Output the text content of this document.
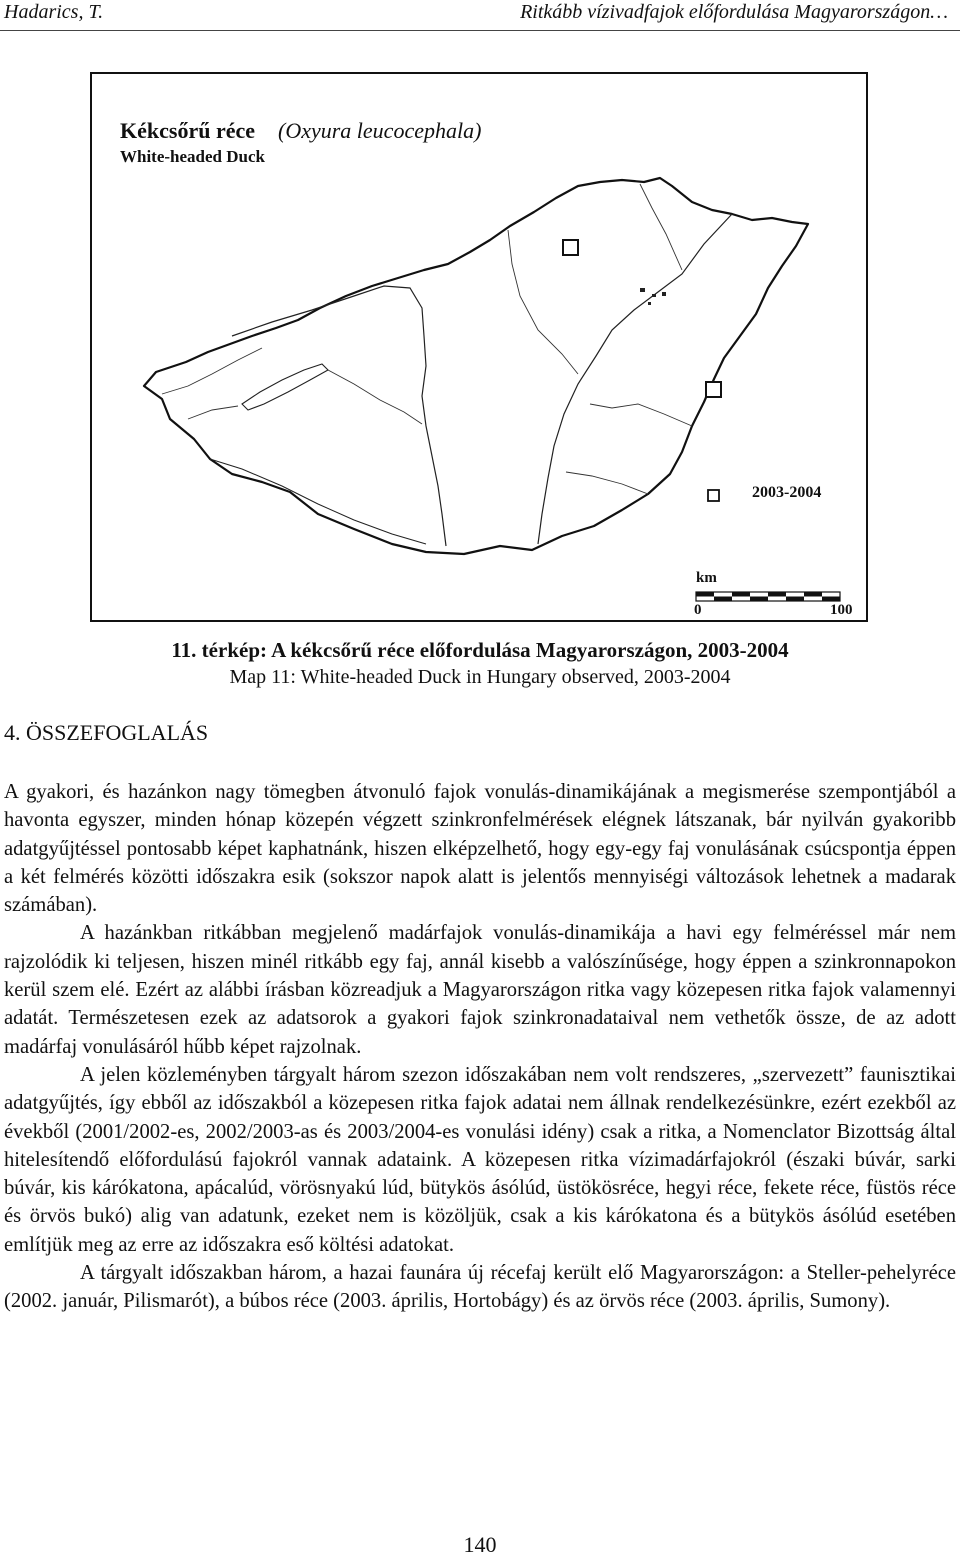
Hadarics, T.	Ritkább vízivadfajok előfordulása Magyarországon…
Kékcsőrű réce (Oxyura leucocephala)
White-headed Duck
2003-2004
km
0	100
11. térkép: A kékcsőrű réce előfordulása Magyarországon, 2003-2004
Map 11: White-headed Duck in Hungary observed, 2003-2004
4. ÖSSZEFOGLALÁS

A gyakori, és hazánkon nagy tömegben átvonuló fajok vonulás-dinamikájának a megismerése szempontjából a havonta egyszer, minden hónap közepén végzett szinkronfelmérések elégnek látszanak, bár nyilván gyakoribb adatgyűjtéssel pontosabb képet kaphatnánk, hiszen elképzelhető, hogy egy-egy faj vonulásának csúcspontja éppen a két felmérés közötti időszakra esik (sokszor napok alatt is jelentős mennyiségi változások lehetnek a madarak számában).

A hazánkban ritkábban megjelenő madárfajok vonulás-dinamikája a havi egy felméréssel már nem rajzolódik ki teljesen, hiszen minél ritkább egy faj, annál kisebb a valószínűsége, hogy éppen a szinkronnapokon kerül szem elé. Ezért az alábbi írásban közreadjuk a Magyarországon ritka vagy közepesen ritka fajok valamennyi adatát. Természetesen ezek az adatsorok a gyakori fajok szinkronadataival nem vethetők össze, de az adott madárfaj vonulásáról hűbb képet rajzolnak.

A jelen közleményben tárgyalt három szezon időszakában nem volt rendszeres, „szervezett” faunisztikai adatgyűjtés, így ebből az időszakból a közepesen ritka fajok adatai nem állnak rendelkezésünkre, ezért ezekből az évekből (2001/2002-es, 2002/2003-as és 2003/2004-es vonulási idény) csak a ritka, a Nomenclator Bizottság által hitelesítendő előfordulású fajokról vannak adataink. A közepesen ritka vízimadárfajokról (északi búvár, sarki búvár, kis kárókatona, apácalúd, vörösnyakú lúd, bütykös ásólúd, üstökösréce, hegyi réce, fekete réce, füstös réce és örvös bukó) alig van adatunk, ezeket nem is közöljük, csak a kis kárókatona és a bütykös ásólúd esetében említjük meg az erre az időszakra eső költési adatokat.

A tárgyalt időszakban három, a hazai faunára új récefaj került elő Magyarországon: a Steller-pehelyréce (2002. január, Pilismarót), a búbos réce (2003. április, Hortobágy) és az örvös réce (2003. április, Sumony).

140
